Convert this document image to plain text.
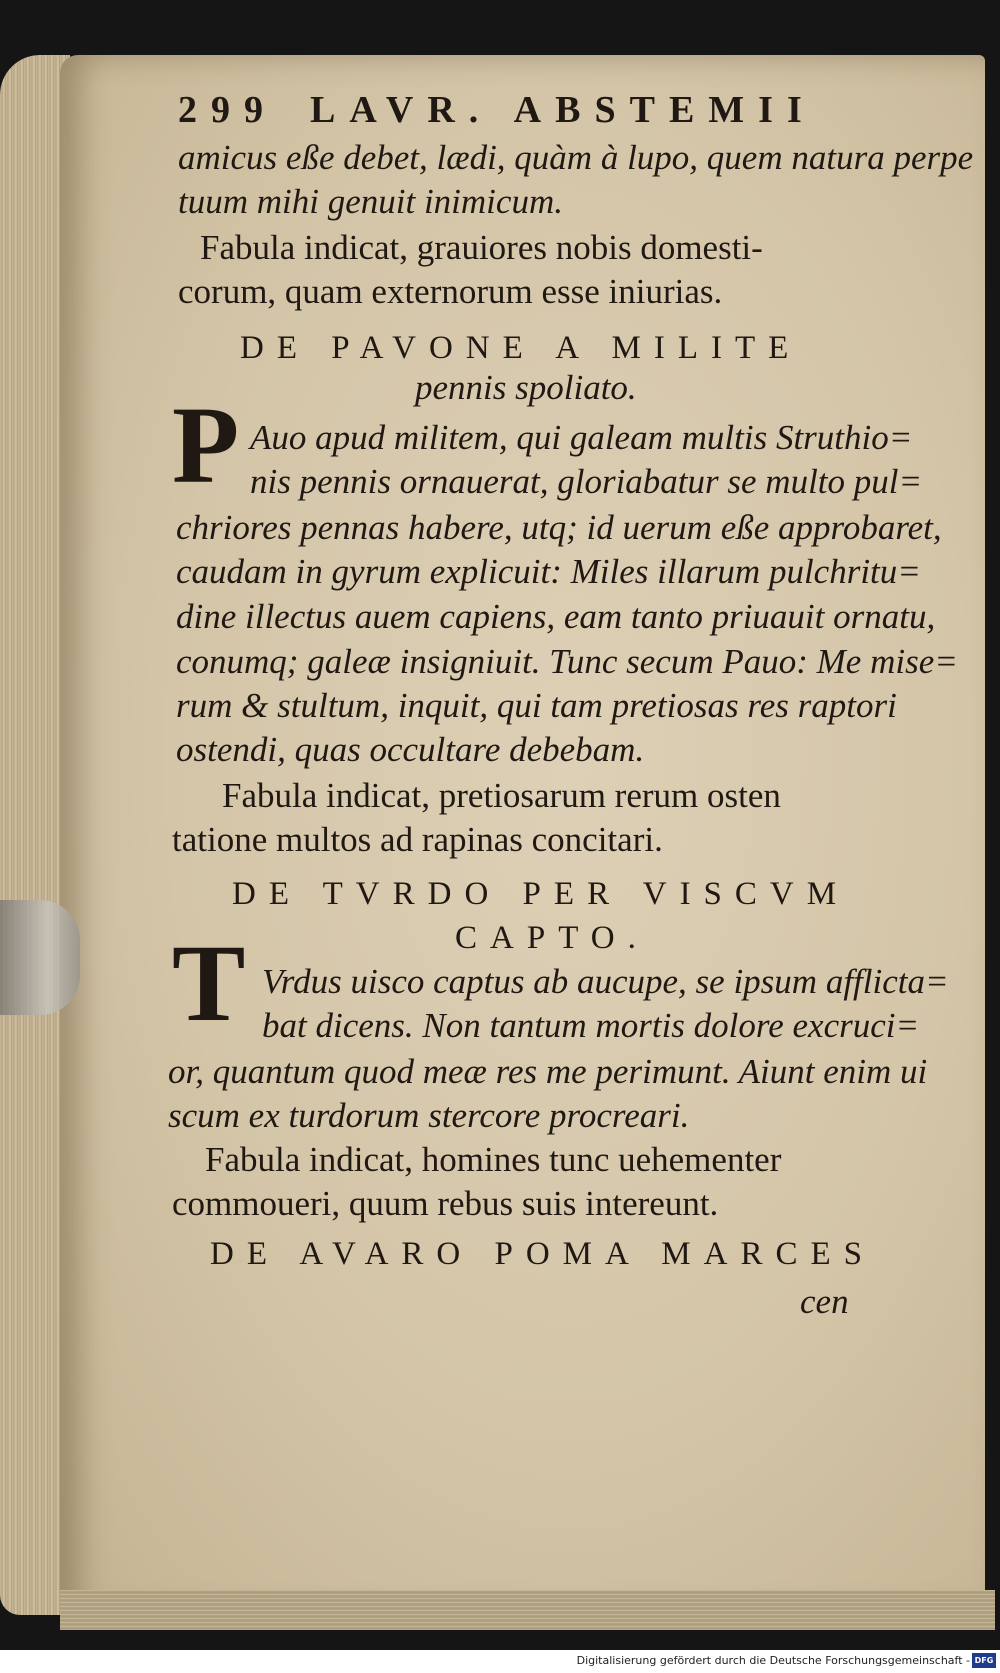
299 LAVR. ABSTEMII
amicus eße debet, lædi, quàm à lupo, quem natura perpe
tuum mihi genuit inimicum.
Fabula indicat, grauiores nobis domesti-
corum, quam externorum esse iniurias.
DE PAVONE A MILITE
pennis spoliato.
P Auo apud militem, qui galeam multis Struthio=
nis pennis ornauerat, gloriabatur se multo pul=
chriores pennas habere, utq; id uerum eße approbaret,
caudam in gyrum explicuit: Miles illarum pulchritu=
dine illectus auem capiens, eam tanto priuauit ornatu,
conumq; galeæ insigniuit. Tunc secum Pauo: Me mise=
rum & stultum, inquit, qui tam pretiosas res raptori
ostendi, quas occultare debebam.
Fabula indicat, pretiosarum rerum osten
tatione multos ad rapinas concitari.
DE TVRDO PER VISCVM
CAPTO.
T Vrdus uisco captus ab aucupe, se ipsum afflicta=
bat dicens. Non tantum mortis dolore excruci=
or, quantum quod meæ res me perimunt. Aiunt enim ui
scum ex turdorum stercore procreari.
Fabula indicat, homines tunc uehementer
commoueri, quum rebus suis intereunt.
DE AVARO POMA MARCES
cen
Digitalisierung gefördert durch die Deutsche Forschungsgemeinschaft - DFG
